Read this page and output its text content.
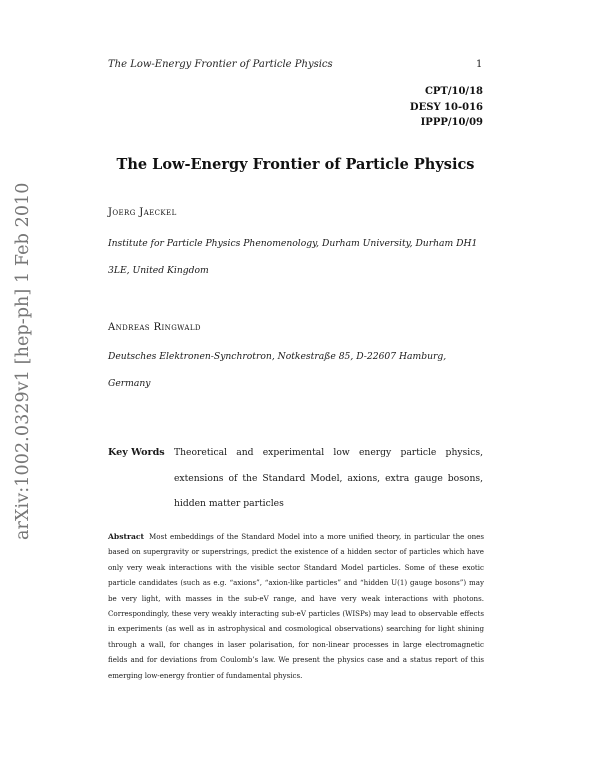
arXiv:1002.0329v1 [hep-ph] 1 Feb 2010
The Low-Energy Frontier of Particle Physics	1
CPT/10/18
DESY 10-016
IPPP/10/09
The Low-Energy Frontier of Particle Physics
Joerg Jaeckel
Institute for Particle Physics Phenomenology, Durham University, Durham DH1 3LE, United Kingdom
Andreas Ringwald
Deutsches Elektronen-Synchrotron, Notkestraße 85, D-22607 Hamburg, Germany
Key Words	Theoretical and experimental low energy particle physics, extensions of the Standard Model, axions, extra gauge bosons, hidden matter particles
Abstract Most embeddings of the Standard Model into a more unified theory, in particular the ones based on supergravity or superstrings, predict the existence of a hidden sector of particles which have only very weak interactions with the visible sector Standard Model particles. Some of these exotic particle candidates (such as e.g. “axions”, “axion-like particles” and “hidden U(1) gauge bosons”) may be very light, with masses in the sub-eV range, and have very weak interactions with photons. Correspondingly, these very weakly interacting sub-eV particles (WISPs) may lead to observable effects in experiments (as well as in astrophysical and cosmological observations) searching for light shining through a wall, for changes in laser polarisation, for non-linear processes in large electromagnetic fields and for deviations from Coulomb’s law. We present the physics case and a status report of this emerging low-energy frontier of fundamental physics.
